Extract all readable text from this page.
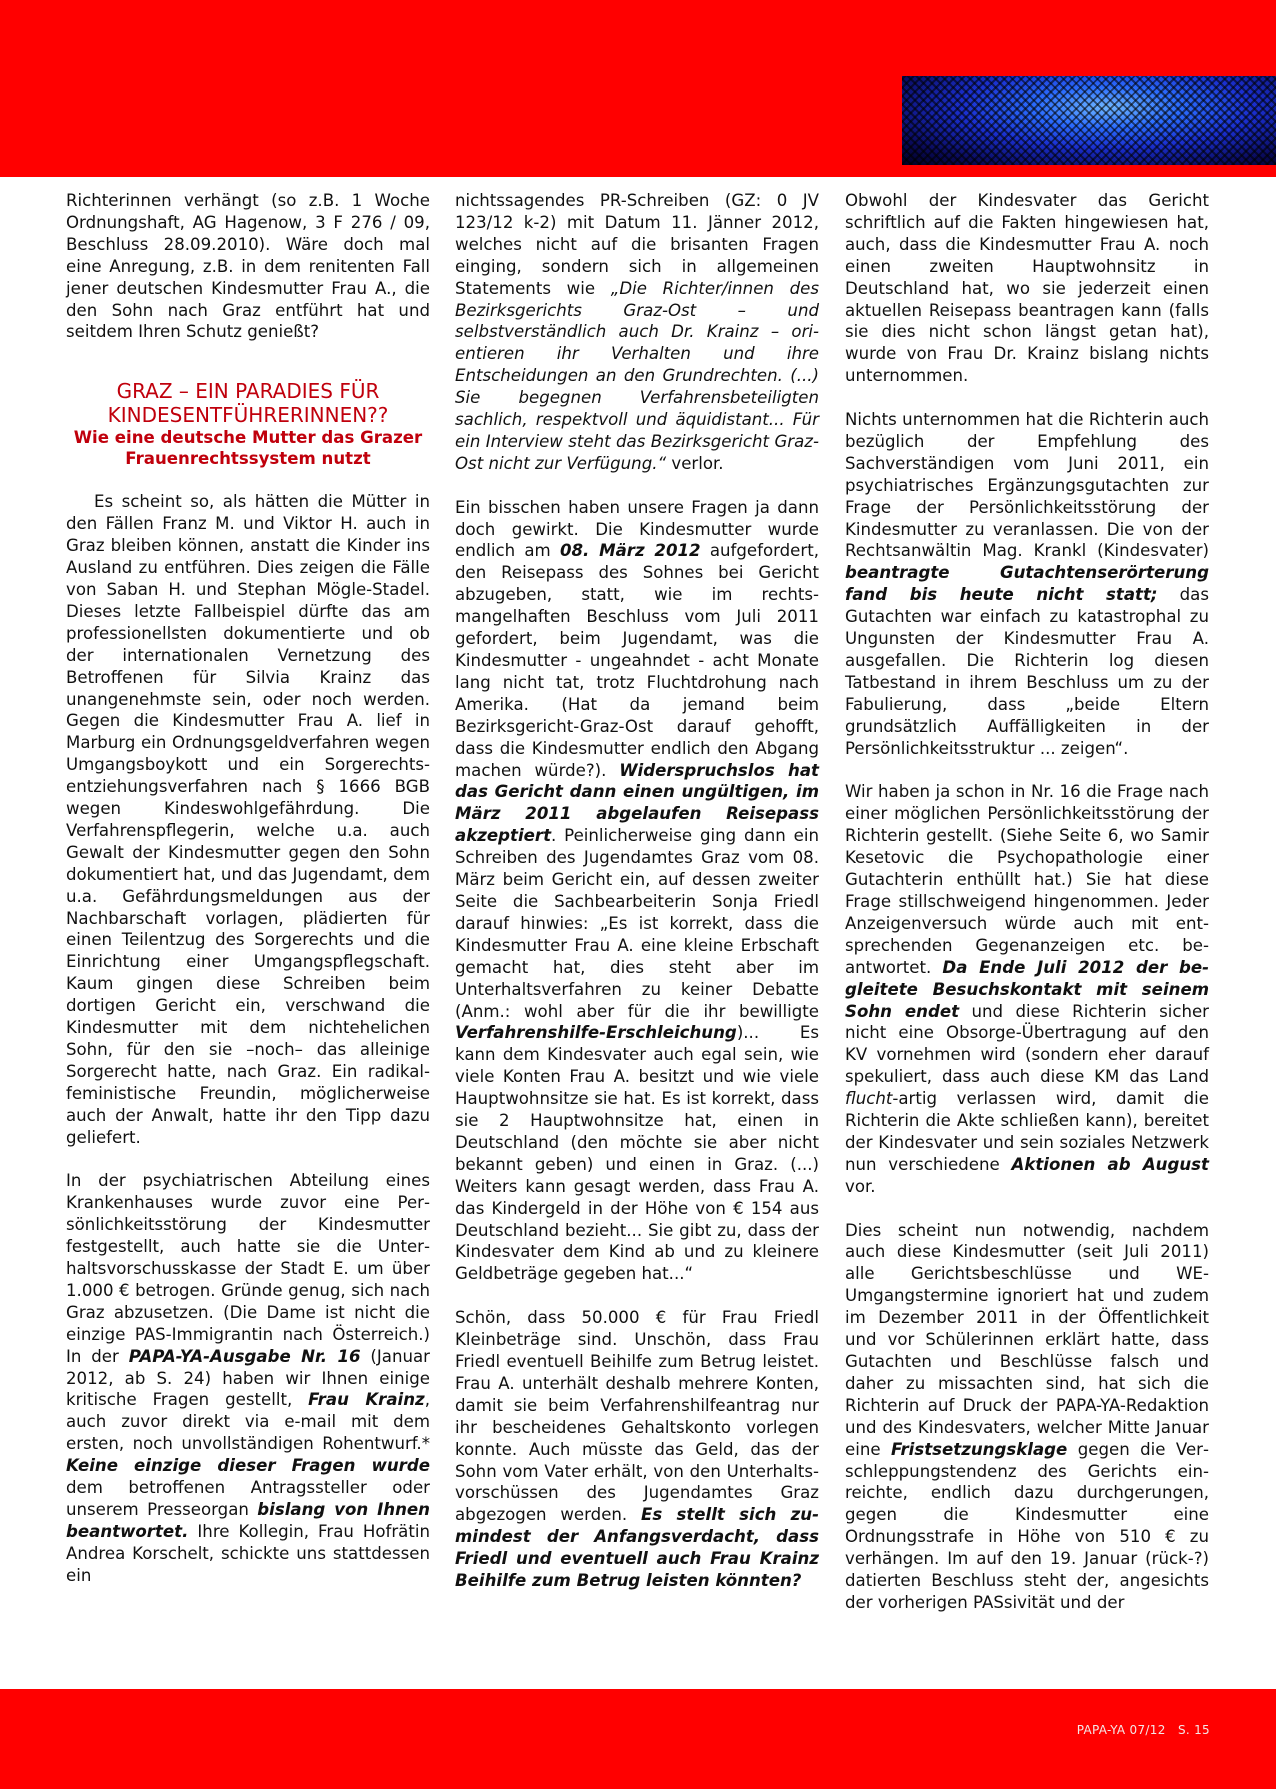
Richterinnen verhängt (so z.B. 1 Woche Ordnungshaft, AG Hagenow, 3 F 276 / 09, Beschluss 28.09.2010). Wäre doch mal eine Anregung, z.B. in dem renitenten Fall jener deutschen Kindesmutter Frau A., die den Sohn nach Graz entführt hat und seitdem Ihren Schutz genießt?

GRAZ – EIN PARADIES FÜR
KINDESENTFÜHRERINNEN??
Wie eine deutsche Mutter das Grazer
Frauenrechtssystem nutzt

Es scheint so, als hätten die Mütter in den Fällen Franz M. und Viktor H. auch in Graz bleiben können, anstatt die Kinder ins Ausland zu entführen. Dies zeigen die Fälle von Saban H. und Stephan Mögle-Stadel. Dieses letzte Fallbeispiel dürfte das am professionellsten dokumentierte und ob der internationalen Vernetzung des Betroffenen für Silvia Krainz das unangenehmste sein, oder noch werden. Gegen die Kindesmutter Frau A. lief in Marburg ein Ordnungsgeldverfahren wegen Umgangsboykott und ein Sorgerechtsentziehungsverfahren nach § 1666 BGB wegen Kindeswohlgefährdung. Die Verfahrenspflegerin, welche u.a. auch Gewalt der Kindesmutter gegen den Sohn dokumentiert hat, und das Jugendamt, dem u.a. Gefährdungsmeldungen aus der Nachbarschaft vorlagen, plädierten für einen Teilentzug des Sorgerechts und die Einrichtung einer Umgangspflegschaft. Kaum gingen diese Schreiben beim dortigen Gericht ein, verschwand die Kindesmutter mit dem nichtehelichen Sohn, für den sie –noch– das alleinige Sorgerecht hatte, nach Graz. Ein radikal-feministische Freundin, möglicherweise auch der Anwalt, hatte ihr den Tipp dazu geliefert.

In der psychiatrischen Abteilung eines Krankenhauses wurde zuvor eine Persönlichkeitsstörung der Kindesmutter festgestellt, auch hatte sie die Unterhaltsvorschusskasse der Stadt E. um über 1.000 € betrogen. Gründe genug, sich nach Graz abzusetzen. (Die Dame ist nicht die einzige PAS-Immigrantin nach Österreich.) In der PAPA-YA-Ausgabe Nr. 16 (Januar 2012, ab S. 24) haben wir Ihnen einige kritische Fragen gestellt, Frau Krainz, auch zuvor direkt via e-mail mit dem ersten, noch unvollständigen Rohentwurf.* Keine einzige dieser Fragen wurde dem betroffenen Antragssteller oder unserem Presseorgan bislang von Ihnen beantwortet. Ihre Kollegin, Frau Hofrätin Andrea Korschelt, schickte uns stattdessen ein

nichtssagendes PR-Schreiben (GZ: 0 JV 123/12 k-2) mit Datum 11. Jänner 2012, welches nicht auf die brisanten Fragen einging, sondern sich in allgemeinen Statements wie „Die Richter/innen des Bezirksgerichts Graz-Ost – und selbstverständlich auch Dr. Krainz – orientieren ihr Verhalten und ihre Entscheidungen an den Grundrechten. (...) Sie begegnen Verfahrensbeteiligten sachlich, respektvoll und äquidistant... Für ein Interview steht das Bezirksgericht Graz-Ost nicht zur Verfügung.“ verlor.

Ein bisschen haben unsere Fragen ja dann doch gewirkt. Die Kindesmutter wurde endlich am 08. März 2012 aufgefordert, den Reisepass des Sohnes bei Gericht abzugeben, statt, wie im rechtsmangelhaften Beschluss vom Juli 2011 gefordert, beim Jugendamt, was die Kindesmutter - ungeahndet - acht Monate lang nicht tat, trotz Fluchtdrohung nach Amerika. (Hat da jemand beim Bezirksgericht-Graz-Ost darauf gehofft, dass die Kindesmutter endlich den Abgang machen würde?). Widerspruchslos hat das Gericht dann einen ungültigen, im März 2011 abgelaufen Reisepass akzeptiert. Peinlicherweise ging dann ein Schreiben des Jugendamtes Graz vom 08. März beim Gericht ein, auf dessen zweiter Seite die Sachbearbeiterin Sonja Friedl darauf hinwies: „Es ist korrekt, dass die Kindesmutter Frau A. eine kleine Erbschaft gemacht hat, dies steht aber im Unterhaltsverfahren zu keiner Debatte (Anm.: wohl aber für die ihr bewilligte Verfahrenshilfe-Erschleichung)... Es kann dem Kindesvater auch egal sein, wie viele Konten Frau A. besitzt und wie viele Hauptwohnsitze sie hat. Es ist korrekt, dass sie 2 Hauptwohnsitze hat, einen in Deutschland (den möchte sie aber nicht bekannt geben) und einen in Graz. (...) Weiters kann gesagt werden, dass Frau A. das Kindergeld in der Höhe von € 154 aus Deutschland bezieht... Sie gibt zu, dass der Kindesvater dem Kind ab und zu kleinere Geldbeträge gegeben hat...“

Schön, dass 50.000 € für Frau Friedl Kleinbeträge sind. Unschön, dass Frau Friedl eventuell Beihilfe zum Betrug leistet. Frau A. unterhält deshalb mehrere Konten, damit sie beim Verfahrenshilfeantrag nur ihr bescheidenes Gehaltskonto vorlegen konnte. Auch müsste das Geld, das der Sohn vom Vater erhält, von den Unterhaltsvorschüssen des Jugendamtes Graz abgezogen werden. Es stellt sich zumindest der Anfangsverdacht, dass Friedl und eventuell auch Frau Krainz Beihilfe zum Betrug leisten könnten?

Obwohl der Kindesvater das Gericht schriftlich auf die Fakten hingewiesen hat, auch, dass die Kindesmutter Frau A. noch einen zweiten Hauptwohnsitz in Deutschland hat, wo sie jederzeit einen aktuellen Reisepass beantragen kann (falls sie dies nicht schon längst getan hat), wurde von Frau Dr. Krainz bislang nichts unternommen.

Nichts unternommen hat die Richterin auch bezüglich der Empfehlung des Sachverständigen vom Juni 2011, ein psychiatrisches Ergänzungsgutachten zur Frage der Persönlichkeitsstörung der Kindesmutter zu veranlassen. Die von der Rechtsanwältin Mag. Krankl (Kindesvater) beantragte Gutachtenserörterung fand bis heute nicht statt; das Gutachten war einfach zu katastrophal zu Ungunsten der Kindesmutter Frau A. ausgefallen. Die Richterin log diesen Tatbestand in ihrem Beschluss um zu der Fabulierung, dass „beide Eltern grundsätzlich Auffälligkeiten in der Persönlichkeitsstruktur ... zeigen“.

Wir haben ja schon in Nr. 16 die Frage nach einer möglichen Persönlichkeitsstörung der Richterin gestellt. (Siehe Seite 6, wo Samir Kesetovic die Psychopathologie einer Gutachterin enthüllt hat.) Sie hat diese Frage stillschweigend hingenommen. Jeder Anzeigenversuch würde auch mit entsprechenden Gegenanzeigen etc. beantwortet. Da Ende Juli 2012 der begleitete Besuchskontakt mit seinem Sohn endet und diese Richterin sicher nicht eine Obsorge-Übertragung auf den KV vornehmen wird (sondern eher darauf spekuliert, dass auch diese KM das Land flucht-artig verlassen wird, damit die Richterin die Akte schließen kann), bereitet der Kindesvater und sein soziales Netzwerk nun verschiedene Aktionen ab August vor.

Dies scheint nun notwendig, nachdem auch diese Kindesmutter (seit Juli 2011) alle Gerichtsbeschlüsse und WE-Umgangstermine ignoriert hat und zudem im Dezember 2011 in der Öffentlichkeit und vor Schülerinnen erklärt hatte, dass Gutachten und Beschlüsse falsch und daher zu missachten sind, hat sich die Richterin auf Druck der PAPA-YA-Redaktion und des Kindesvaters, welcher Mitte Januar eine Fristsetzungsklage gegen die Verschleppungstendenz des Gerichts einreichte, endlich dazu durchgerungen, gegen die Kindesmutter eine Ordnungsstrafe in Höhe von 510 € zu verhängen. Im auf den 19. Januar (rück-?) datierten Beschluss steht der, angesichts der vorherigen PASsivität und der

PAPA-YA 07/12   S. 15
